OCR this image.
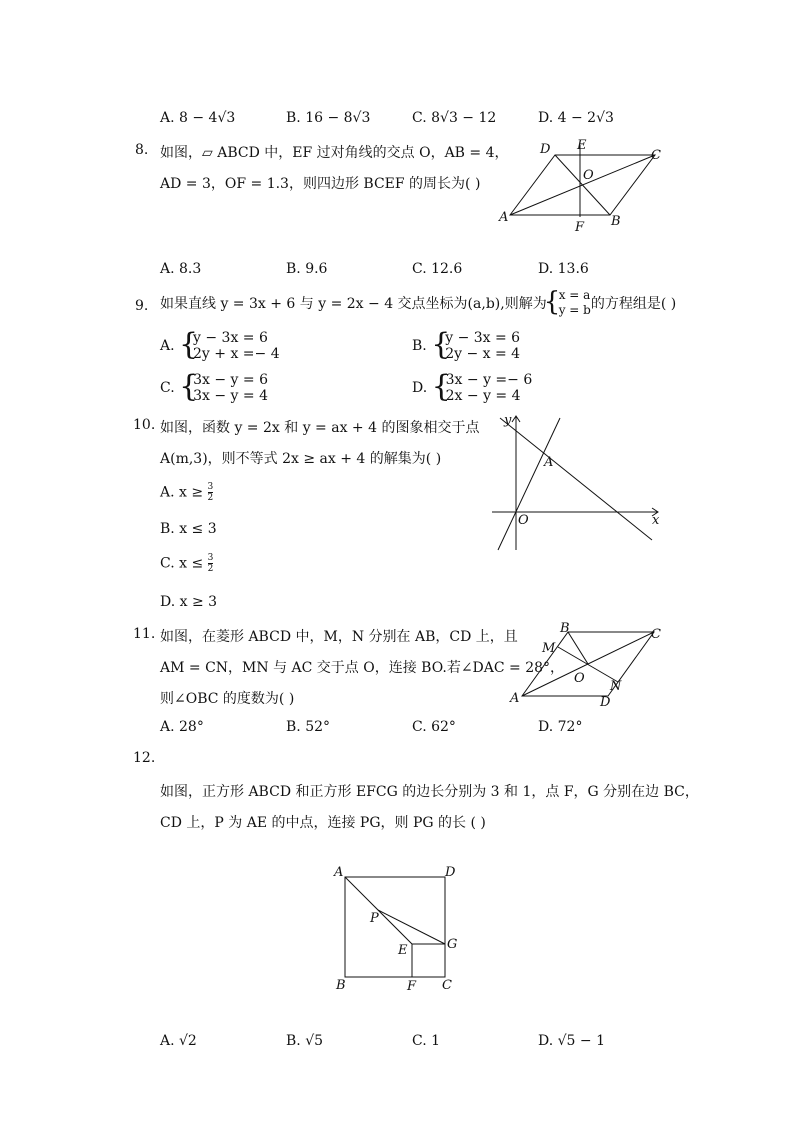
A. 8 − 4√3	B. 16 − 8√3	C. 8√3 − 12	D. 4 − 2√3
8. 如图，▱ ABCD 中，EF 过对角线的交点 O，AB = 4，
AD = 3，OF = 1.3，则四边形 BCEF 的周长为( )
A	B
C
D E
F
O
A. 8.3	B. 9.6	C. 12.6	D. 13.6
9. 如果直线 y = 3x + 6 与 y = 2x − 4 交点坐标为(a,b),则解为
{
x = a
y = b 的方程组是( )
A. {
y − 3x = 6
2y + x =− 4	B. {
y − 3x = 6
2y − x = 4
C. {
3x − y = 6
3x − y = 4	D. {
3x − y =− 6
2x − y = 4
10. 如图，函数 y = 2x 和 y = ax + 4 的图象相交于点
A(m,3)，则不等式 2x ≥ ax + 4 的解集为( )
A. $x \ge \frac{3}{2}$
B. x ≤ 3
C. $x \le \frac{3}{2}$
D. x ≥ 3
y
x
O
A
11. 如图，在菱形 ABCD 中，M，N 分别在 AB，CD 上，且
AM = CN，MN 与 AC 交于点 O，连接 BO.若∠DAC = 28°，
则∠OBC 的度数为( )	A
B	C
D
M
N
O
A. 28°	B. 52°	C. 62°	D. 72°
12.
如图，正方形 ABCD 和正方形 EFCG 的边长分别为 3 和 1，点 F，G 分别在边 BC，
CD 上，P 为 AE 的中点，连接 PG，则 PG 的长 ( )
A
B	C
D
E
F
G
P
A. √2	B. √5	C. 1	D. √5 − 1
